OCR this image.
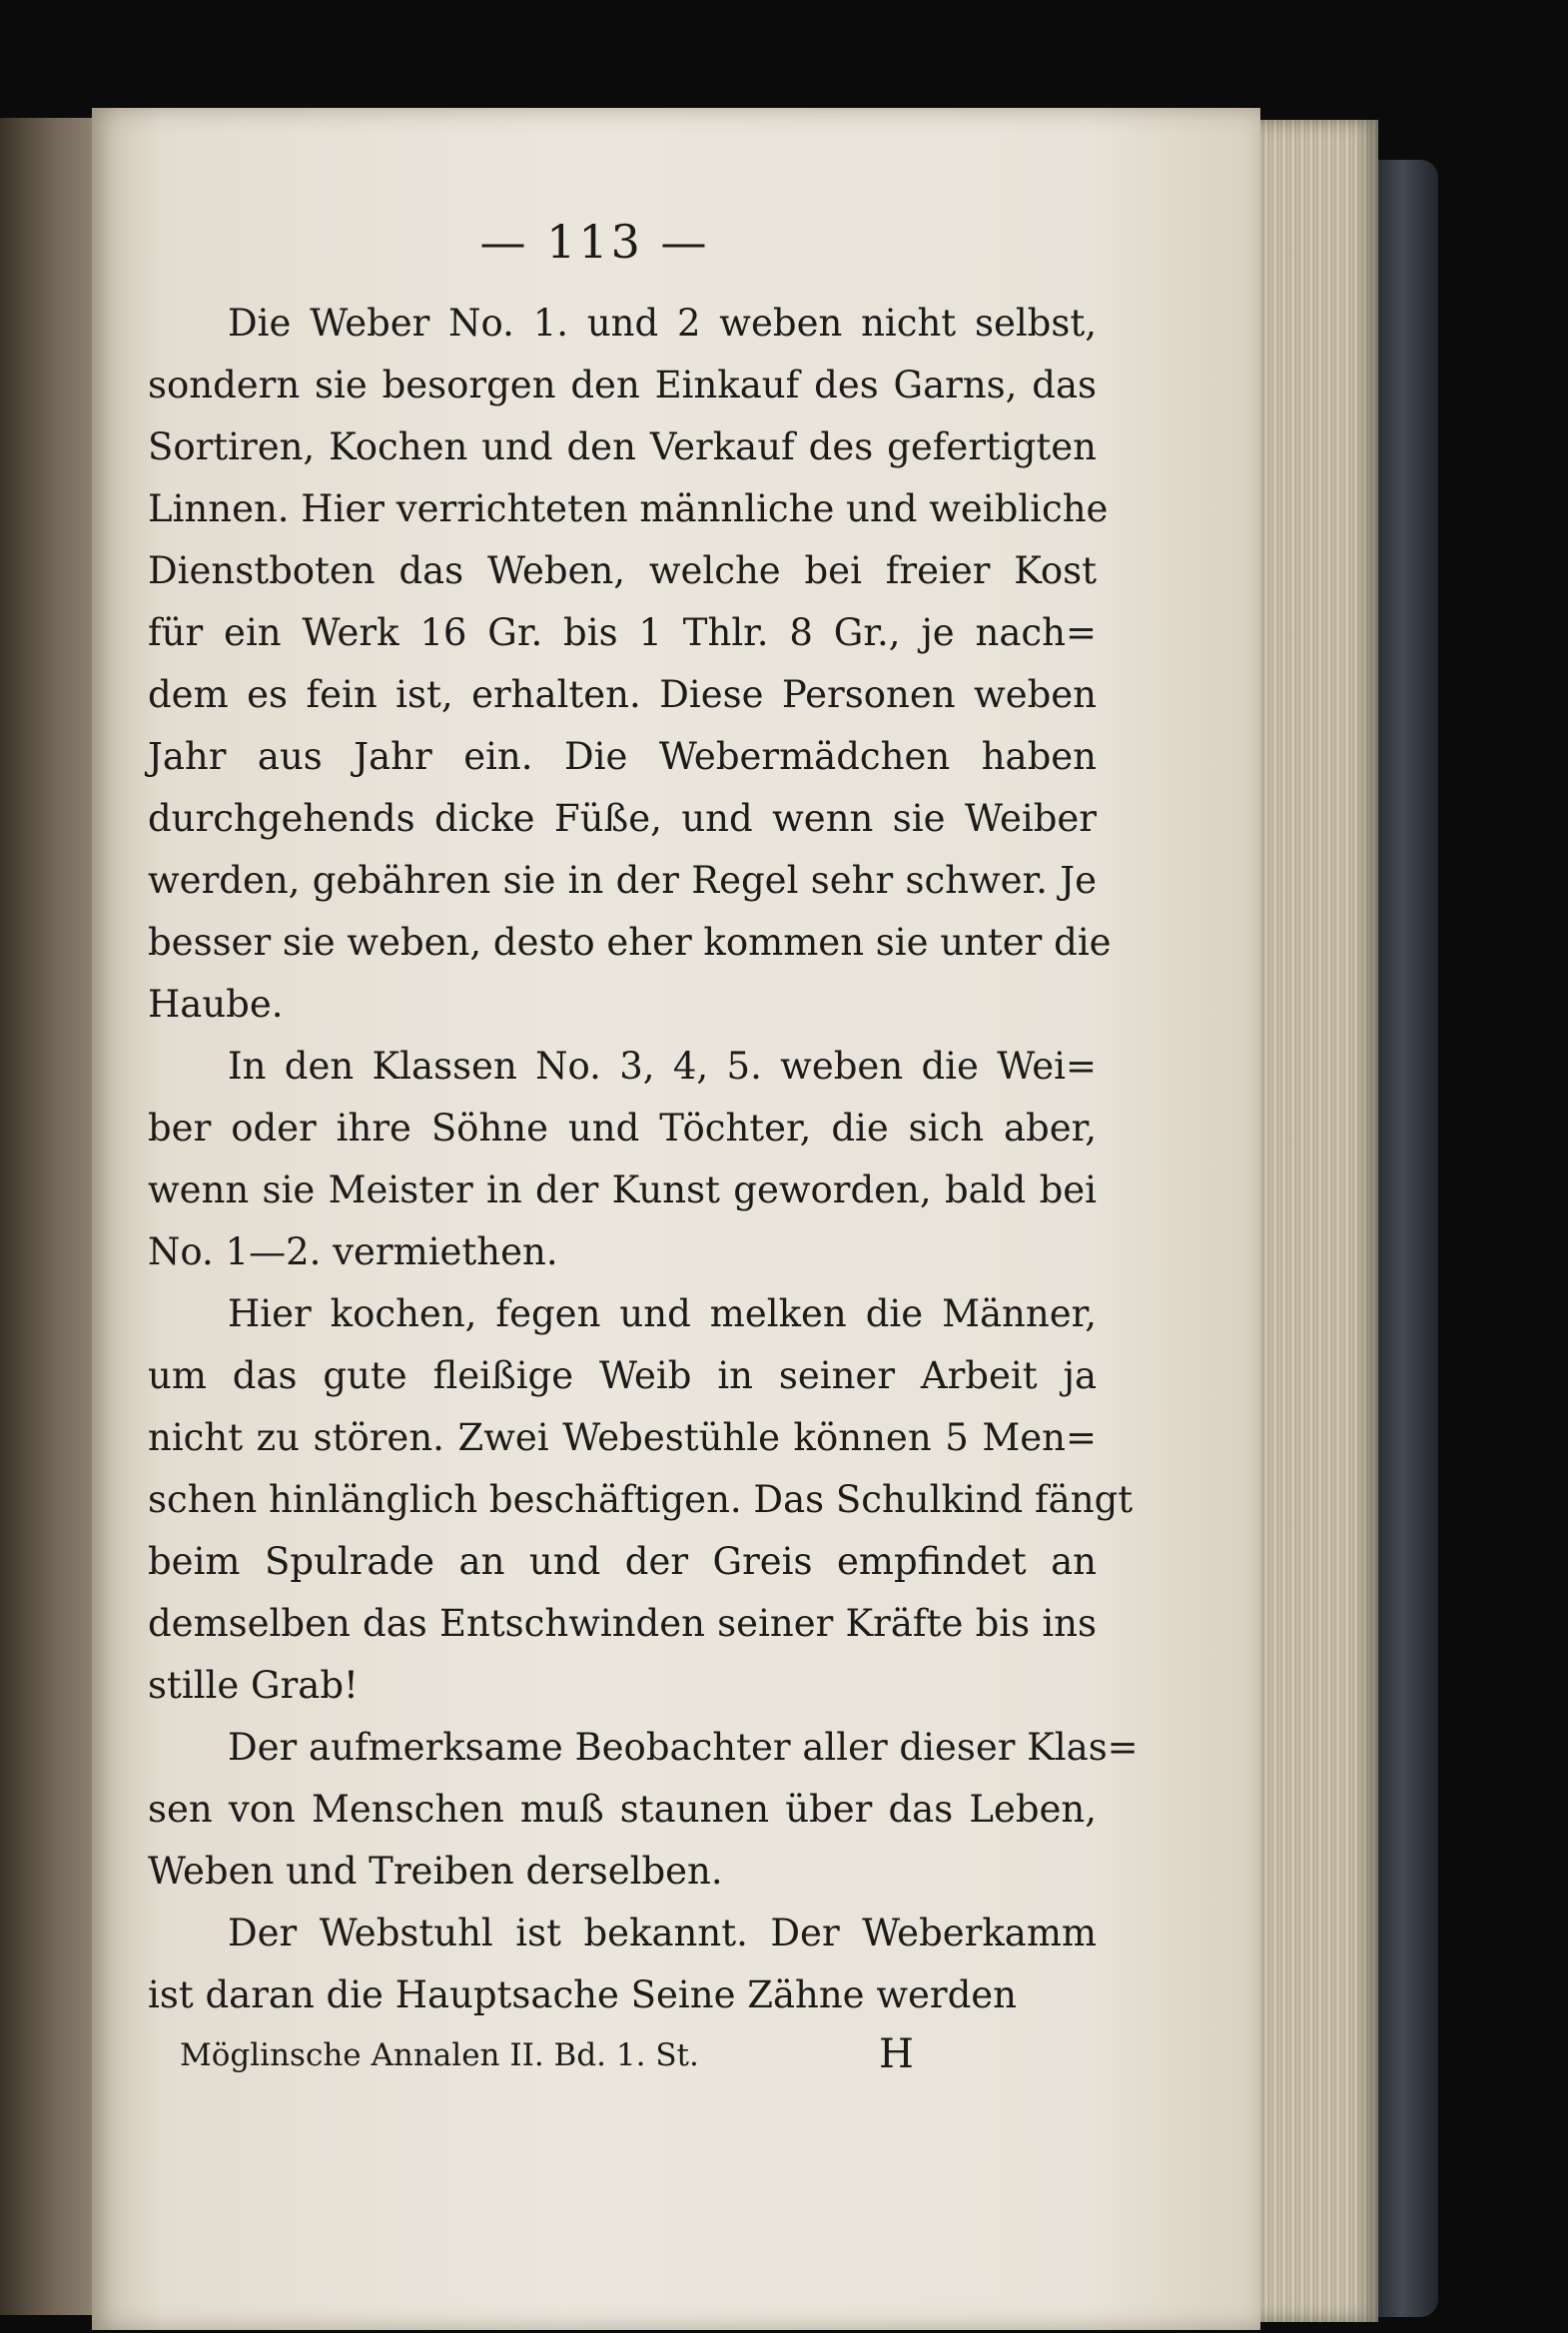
— 113 —
Die Weber No. 1. und 2 weben nicht selbst,
sondern sie besorgen den Einkauf des Garns, das
Sortiren, Kochen und den Verkauf des gefertigten
Linnen. Hier verrichteten männliche und weibliche
Dienstboten das Weben, welche bei freier Kost
für ein Werk 16 Gr. bis 1 Thlr. 8 Gr., je nach=
dem es fein ist, erhalten. Diese Personen weben
Jahr aus Jahr ein. Die Webermädchen haben
durchgehends dicke Füße, und wenn sie Weiber
werden, gebähren sie in der Regel sehr schwer. Je
besser sie weben, desto eher kommen sie unter die
Haube.
In den Klassen No. 3, 4, 5. weben die Wei=
ber oder ihre Söhne und Töchter, die sich aber,
wenn sie Meister in der Kunst geworden, bald bei
No. 1—2. vermiethen.
Hier kochen, fegen und melken die Männer,
um das gute fleißige Weib in seiner Arbeit ja
nicht zu stören. Zwei Webestühle können 5 Men=
schen hinlänglich beschäftigen. Das Schulkind fängt
beim Spulrade an und der Greis empfindet an
demselben das Entschwinden seiner Kräfte bis ins
stille Grab!
Der aufmerksame Beobachter aller dieser Klas=
sen von Menschen muß staunen über das Leben,
Weben und Treiben derselben.
Der Webstuhl ist bekannt. Der Weberkamm
ist daran die Hauptsache Seine Zähne werden
Möglinsche Annalen II. Bd. 1. St.	H
